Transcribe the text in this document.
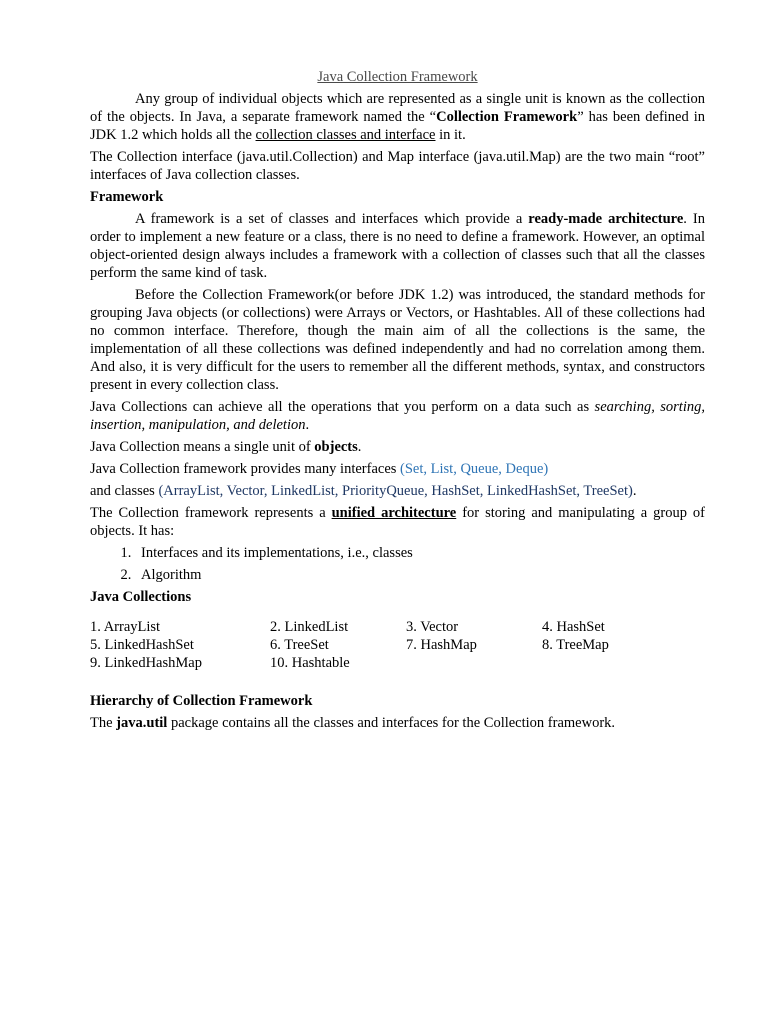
Java Collection Framework

Any group of individual objects which are represented as a single unit is known as the collection of the objects. In Java, a separate framework named the “Collection Framework” has been defined in JDK 1.2 which holds all the collection classes and interface in it.

The Collection interface (java.util.Collection) and Map interface (java.util.Map) are the two main “root” interfaces of Java collection classes.

Framework

A framework is a set of classes and interfaces which provide a ready-made architecture. In order to implement a new feature or a class, there is no need to define a framework. However, an optimal object-oriented design always includes a framework with a collection of classes such that all the classes perform the same kind of task.

Before the Collection Framework(or before JDK 1.2) was introduced, the standard methods for grouping Java objects (or collections) were Arrays or Vectors, or Hashtables. All of these collections had no common interface. Therefore, though the main aim of all the collections is the same, the implementation of all these collections was defined independently and had no correlation among them. And also, it is very difficult for the users to remember all the different methods, syntax, and constructors present in every collection class.

Java Collections can achieve all the operations that you perform on a data such as searching, sorting, insertion, manipulation, and deletion.

Java Collection means a single unit of objects.

Java Collection framework provides many interfaces (Set, List, Queue, Deque)

and classes (ArrayList, Vector, LinkedList, PriorityQueue, HashSet, LinkedHashSet, TreeSet).

The Collection framework represents a unified architecture for storing and manipulating a group of objects. It has:

1. Interfaces and its implementations, i.e., classes
2. Algorithm
Java Collections
1. ArrayList	2. LinkedList	3. Vector	4. HashSet
5. LinkedHashSet	6. TreeSet	7. HashMap	8. TreeMap
9. LinkedHashMap	10. Hashtable
Hierarchy of Collection Framework

The java.util package contains all the classes and interfaces for the Collection framework.
